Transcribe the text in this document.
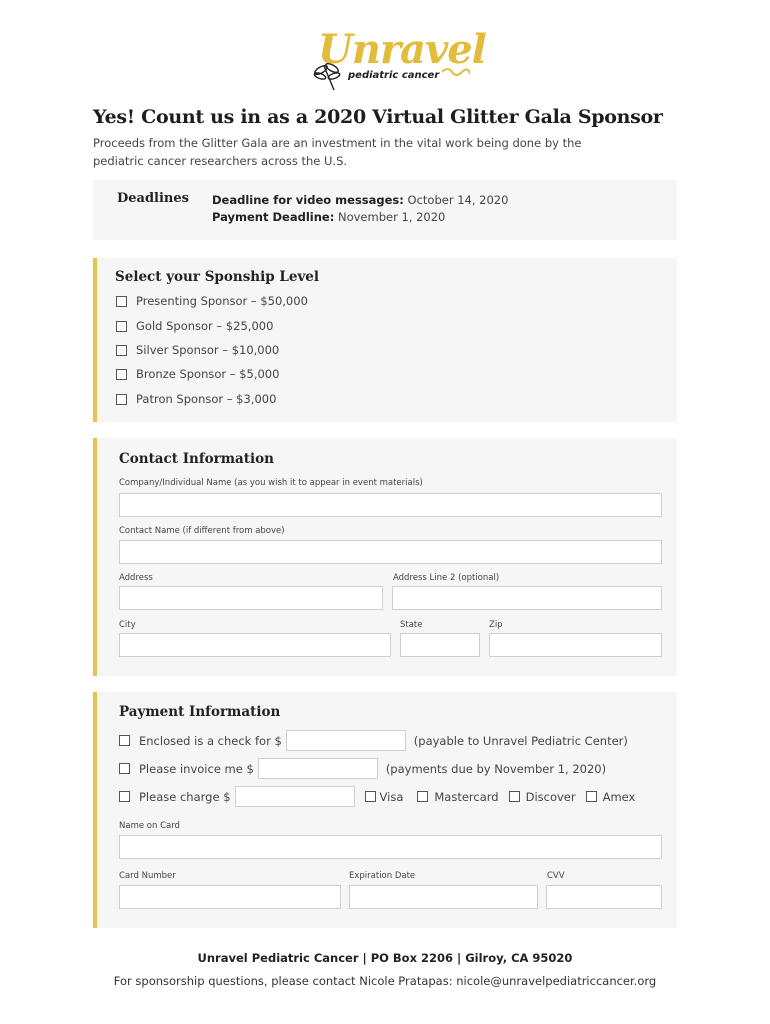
Unravel
pediatric cancer
Yes! Count us in as a 2020 Virtual Glitter Gala Sponsor

Proceeds from the Glitter Gala are an investment in the vital work being done by the pediatric cancer researchers across the U.S.

Deadlines Deadline for video messages: October 14, 2020
Payment Deadline: November 1, 2020
Select your Sponship Level
Presenting Sponsor – $50,000
Gold Sponsor – $25,000
Silver Sponsor – $10,000
Bronze Sponsor – $5,000
Patron Sponsor – $3,000
Contact Information
Company/Individual Name (as you wish it to appear in event materials)
Contact Name (if different from above)
Address	Address Line 2 (optional)
City	State	Zip
Payment Information
Enclosed is a check for $	(payable to Unravel Pediatric Center)
Please invoice me $	(payments due by November 1, 2020)
Please charge $	Visa	Mastercard Discover Amex
Name on Card
Card Number	Expiration Date	CVV
Unravel Pediatric Cancer | PO Box 2206 | Gilroy, CA 95020
For sponsorship questions, please contact Nicole Pratapas: nicole@unravelpediatriccancer.org
